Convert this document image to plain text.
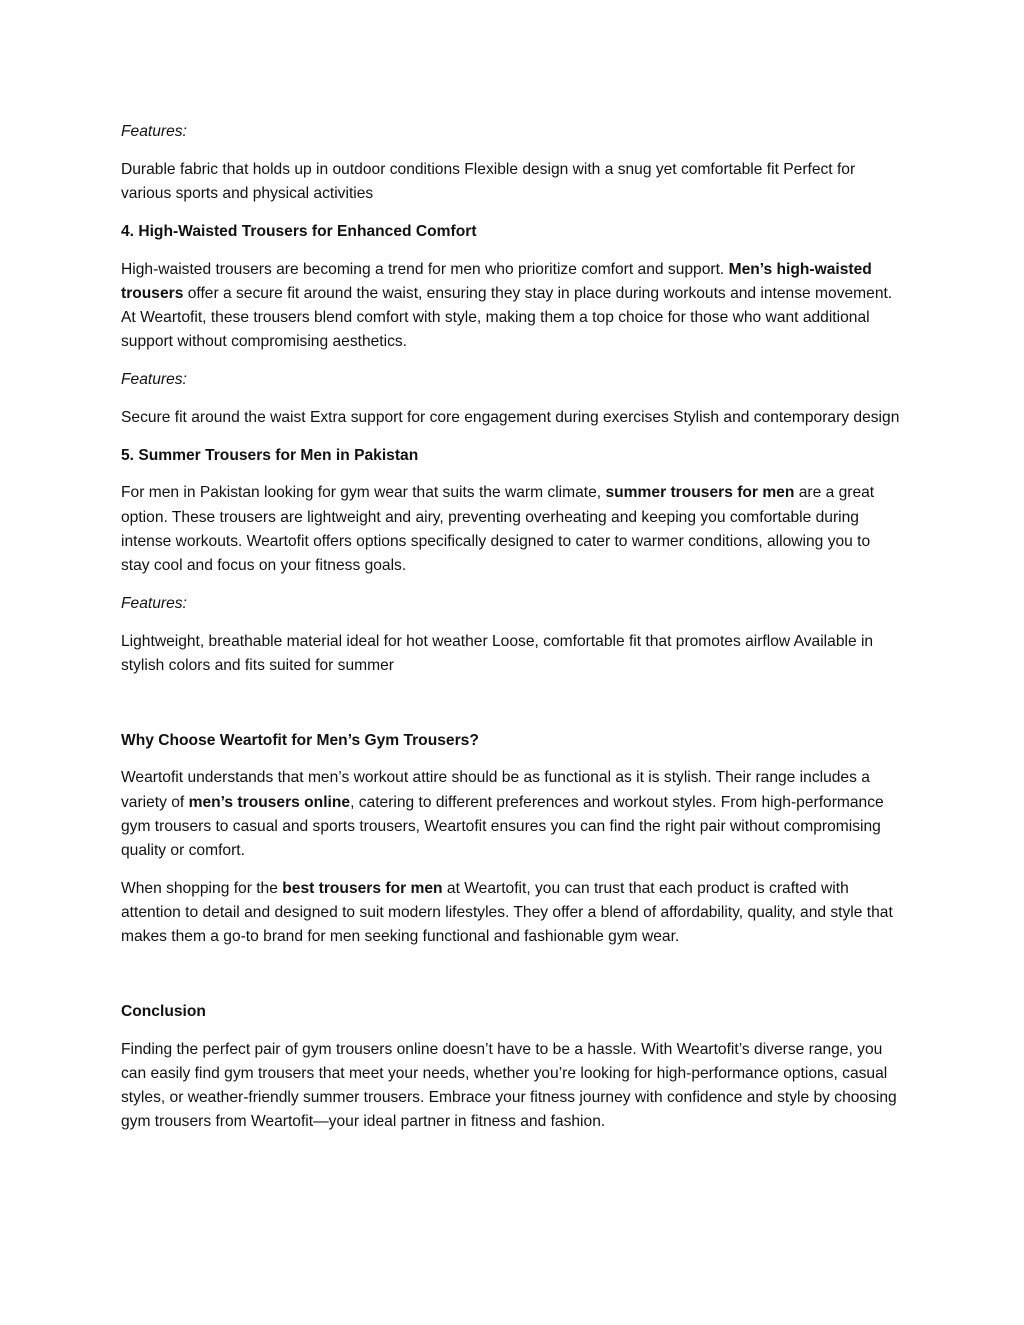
Features:

Durable fabric that holds up in outdoor conditions Flexible design with a snug yet comfortable fit Perfect for various sports and physical activities

4. High-Waisted Trousers for Enhanced Comfort

High-waisted trousers are becoming a trend for men who prioritize comfort and support. Men’s high-waisted trousers offer a secure fit around the waist, ensuring they stay in place during workouts and intense movement. At Weartofit, these trousers blend comfort with style, making them a top choice for those who want additional support without compromising aesthetics.

Features:

Secure fit around the waist Extra support for core engagement during exercises Stylish and contemporary design

5. Summer Trousers for Men in Pakistan

For men in Pakistan looking for gym wear that suits the warm climate, summer trousers for men are a great option. These trousers are lightweight and airy, preventing overheating and keeping you comfortable during intense workouts. Weartofit offers options specifically designed to cater to warmer conditions, allowing you to stay cool and focus on your fitness goals.

Features:

Lightweight, breathable material ideal for hot weather Loose, comfortable fit that promotes airflow Available in stylish colors and fits suited for summer

Why Choose Weartofit for Men’s Gym Trousers?

Weartofit understands that men’s workout attire should be as functional as it is stylish. Their range includes a variety of men’s trousers online, catering to different preferences and workout styles. From high-performance gym trousers to casual and sports trousers, Weartofit ensures you can find the right pair without compromising quality or comfort.

When shopping for the best trousers for men at Weartofit, you can trust that each product is crafted with attention to detail and designed to suit modern lifestyles. They offer a blend of affordability, quality, and style that makes them a go-to brand for men seeking functional and fashionable gym wear.

Conclusion

Finding the perfect pair of gym trousers online doesn’t have to be a hassle. With Weartofit’s diverse range, you can easily find gym trousers that meet your needs, whether you’re looking for high-performance options, casual styles, or weather-friendly summer trousers. Embrace your fitness journey with confidence and style by choosing gym trousers from Weartofit—your ideal partner in fitness and fashion.
